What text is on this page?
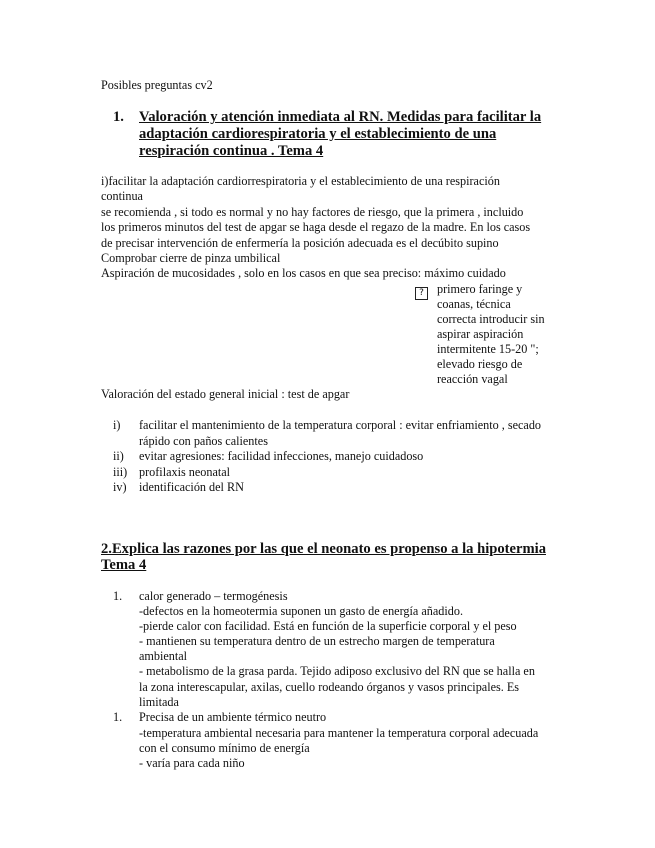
Posibles preguntas cv2
1. Valoración y atención inmediata al RN. Medidas para facilitar la
adaptación cardiorespiratoria y el establecimiento de una
respiración continua . Tema 4
i)facilitar la adaptación cardiorrespiratoria y el establecimiento de una respiración
continua
se recomienda , si todo es normal y no hay factores de riesgo, que la primera , incluido
los primeros minutos del test de apgar se haga desde el regazo de la madre. En los casos
de precisar intervención de enfermería la posición adecuada es el decúbito supino
Comprobar cierre de pinza umbilical
Aspiración de mucosidades , solo en los casos en que sea preciso: máximo cuidado
?	primero faringe y
coanas, técnica
correcta introducir sin
aspirar aspiración
intermitente 15-20 ";
elevado riesgo de
reacción vagal
Valoración del estado general inicial : test de apgar
i) facilitar el mantenimiento de la temperatura corporal : evitar enfriamiento , secado
rápido con paños calientes
ii) evitar agresiones: facilidad infecciones, manejo cuidadoso
iii) profilaxis neonatal
iv) identificación del RN
2.Explica las razones por las que el neonato es propenso a la hipotermia
Tema 4
1. calor generado – termogénesis
-defectos en la homeotermia suponen un gasto de energía añadido.
-pierde calor con facilidad. Está en función de la superficie corporal y el peso
- mantienen su temperatura dentro de un estrecho margen de temperatura
ambiental
- metabolismo de la grasa parda. Tejido adiposo exclusivo del RN que se halla en
la zona interescapular, axilas, cuello rodeando órganos y vasos principales. Es
limitada
1. Precisa de un ambiente térmico neutro
-temperatura ambiental necesaria para mantener la temperatura corporal adecuada
con el consumo mínimo de energía
- varía para cada niño
